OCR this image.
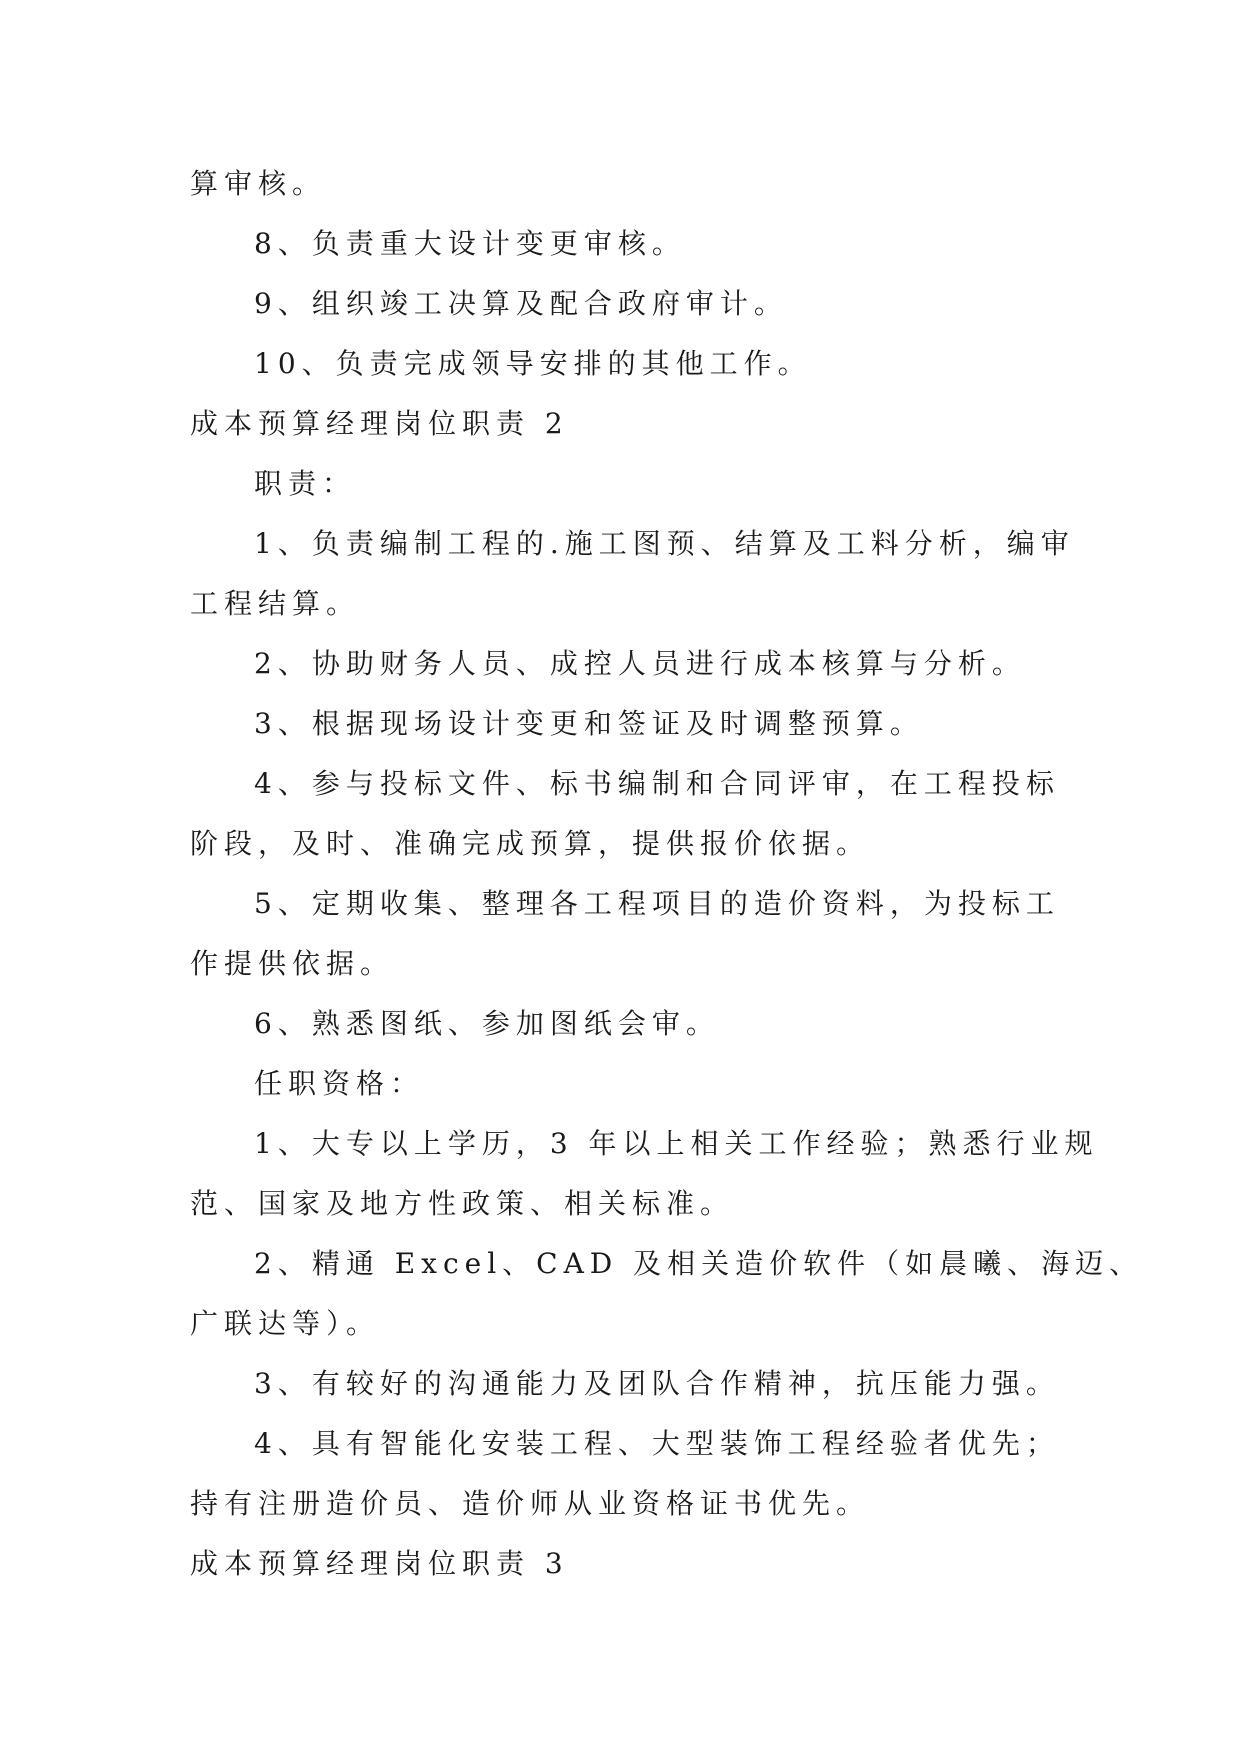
算审核。
8、负责重大设计变更审核。
9、组织竣工决算及配合政府审计。
10、负责完成领导安排的其他工作。
成本预算经理岗位职责 2
职责：
1、负责编制工程的.施工图预、结算及工料分析，编审
工程结算。
2、协助财务人员、成控人员进行成本核算与分析。
3、根据现场设计变更和签证及时调整预算。
4、参与投标文件、标书编制和合同评审，在工程投标
阶段，及时、准确完成预算，提供报价依据。
5、定期收集、整理各工程项目的造价资料，为投标工
作提供依据。
6、熟悉图纸、参加图纸会审。
任职资格：
1、大专以上学历，3 年以上相关工作经验；熟悉行业规
范、国家及地方性政策、相关标准。
2、精通 Excel、CAD 及相关造价软件（如晨曦、海迈、
广联达等）。
3、有较好的沟通能力及团队合作精神，抗压能力强。
4、具有智能化安装工程、大型装饰工程经验者优先；
持有注册造价员、造价师从业资格证书优先。
成本预算经理岗位职责 3
